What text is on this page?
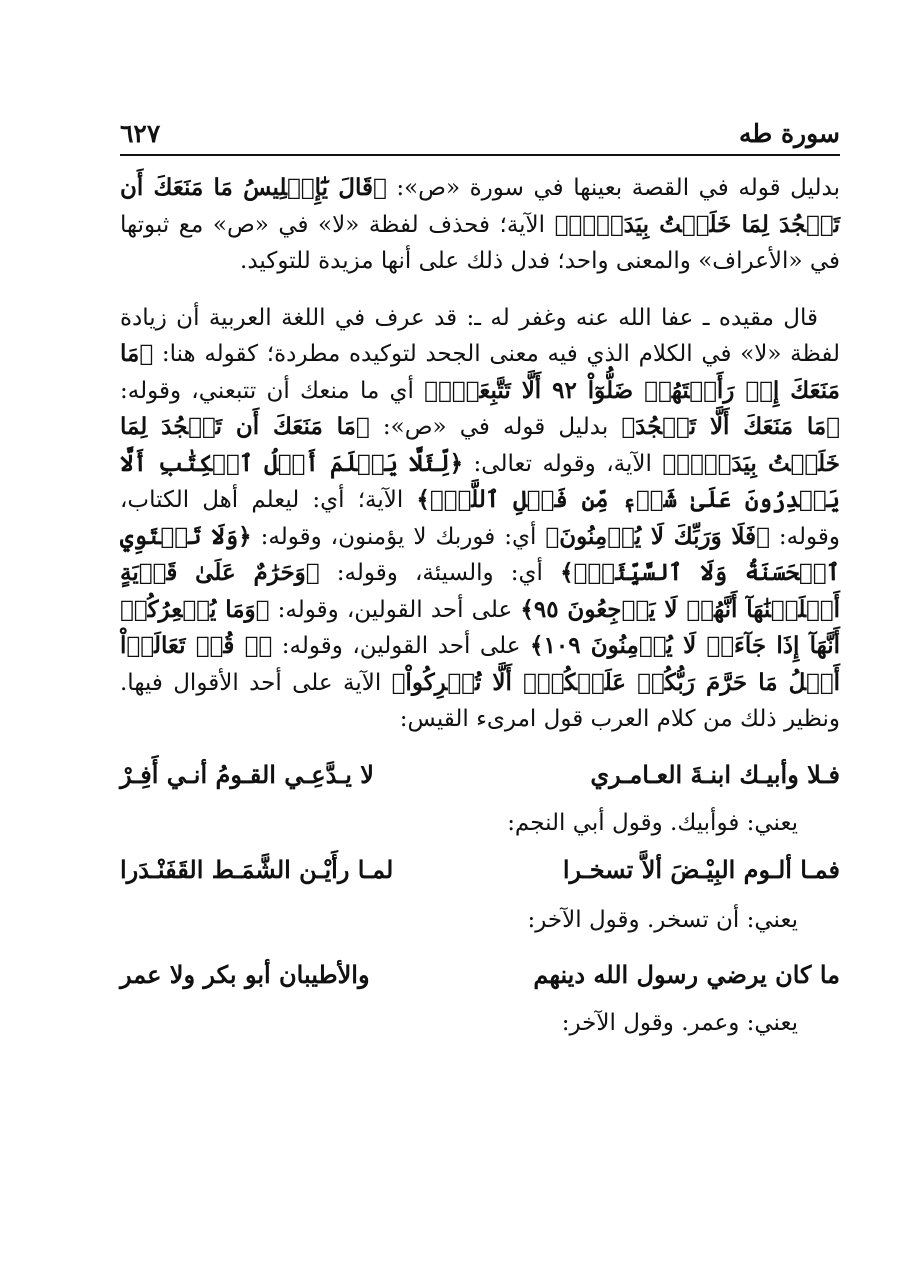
سورة طه
٦٢٧

بدليل قوله في القصة بعينها في سورة «ص»: ﴿قَالَ يَٰٓإِبۡلِيسُ مَا مَنَعَكَ أَن تَسۡجُدَ لِمَا خَلَقۡتُ بِيَدَيَّۖ﴾ الآية؛ فحذف لفظة «لا» في «ص» مع ثبوتها في «الأعراف» والمعنى واحد؛ فدل ذلك على أنها مزيدة للتوكيد.

قال مقيده ـ عفا الله عنه وغفر له ـ: قد عرف في اللغة العربية أن زيادة لفظة «لا» في الكلام الذي فيه معنى الجحد لتوكيده مطردة؛ كقوله هنا: ﴿مَا مَنَعَكَ إِذۡ رَأَيۡتَهُمۡ ضَلُّوٓاْ ٩٢ أَلَّا تَتَّبِعَنِۖ﴾ أي ما منعك أن تتبعني، وقوله: ﴿مَا مَنَعَكَ أَلَّا تَسۡجُدَ﴾ بدليل قوله في «ص»: ﴿مَا مَنَعَكَ أَن تَسۡجُدَ لِمَا خَلَقۡتُ بِيَدَيَّۖ﴾ الآية، وقوله تعالى: ﴿لِّئَلَّا يَعۡلَمَ أَهۡلُ ٱلۡكِتَٰبِ أَلَّا يَقۡدِرُونَ عَلَىٰ شَيۡءٖ مِّن فَضۡلِ ٱللَّهِۙ﴾ الآية؛ أي: ليعلم أهل الكتاب، وقوله: ﴿فَلَا وَرَبِّكَ لَا يُؤۡمِنُونَ﴾ أي: فوربك لا يؤمنون، وقوله: ﴿وَلَا تَسۡتَوِي ٱلۡحَسَنَةُ وَلَا ٱلسَّيِّئَةُۚ﴾ أي: والسيئة، وقوله: ﴿وَحَرَٰمٌ عَلَىٰ قَرۡيَةٍ أَهۡلَكۡنَٰهَآ أَنَّهُمۡ لَا يَرۡجِعُونَ ٩٥﴾ على أحد القولين، وقوله: ﴿وَمَا يُشۡعِرُكُمۡ أَنَّهَآ إِذَا جَآءَتۡ لَا يُؤۡمِنُونَ ١٠٩﴾ على أحد القولين، وقوله: ﴿۞ قُلۡ تَعَالَوۡاْ أَتۡلُ مَا حَرَّمَ رَبُّكُمۡ عَلَيۡكُمۡۖ أَلَّا تُشۡرِكُواْ﴾ الآية على أحد الأقوال فيها. ونظير ذلك من كلام العرب قول امرىء القيس:

فـلا وأبيـك ابنـةَ العـامـري
لا يـدَّعِـي القـومُ أنـي أَفِـرْ

يعني: فوأبيك. وقول أبي النجم:

فمـا ألـوم البِيْـضَ ألاَّ تسخـرا
لمـا رأَيْـن الشَّمَـط القَفَنْـدَرا

يعني: أن تسخر. وقول الآخر:

ما كان يرضي رسول الله دينهم
والأطيبان أبو بكر ولا عمر

يعني: وعمر. وقول الآخر:
